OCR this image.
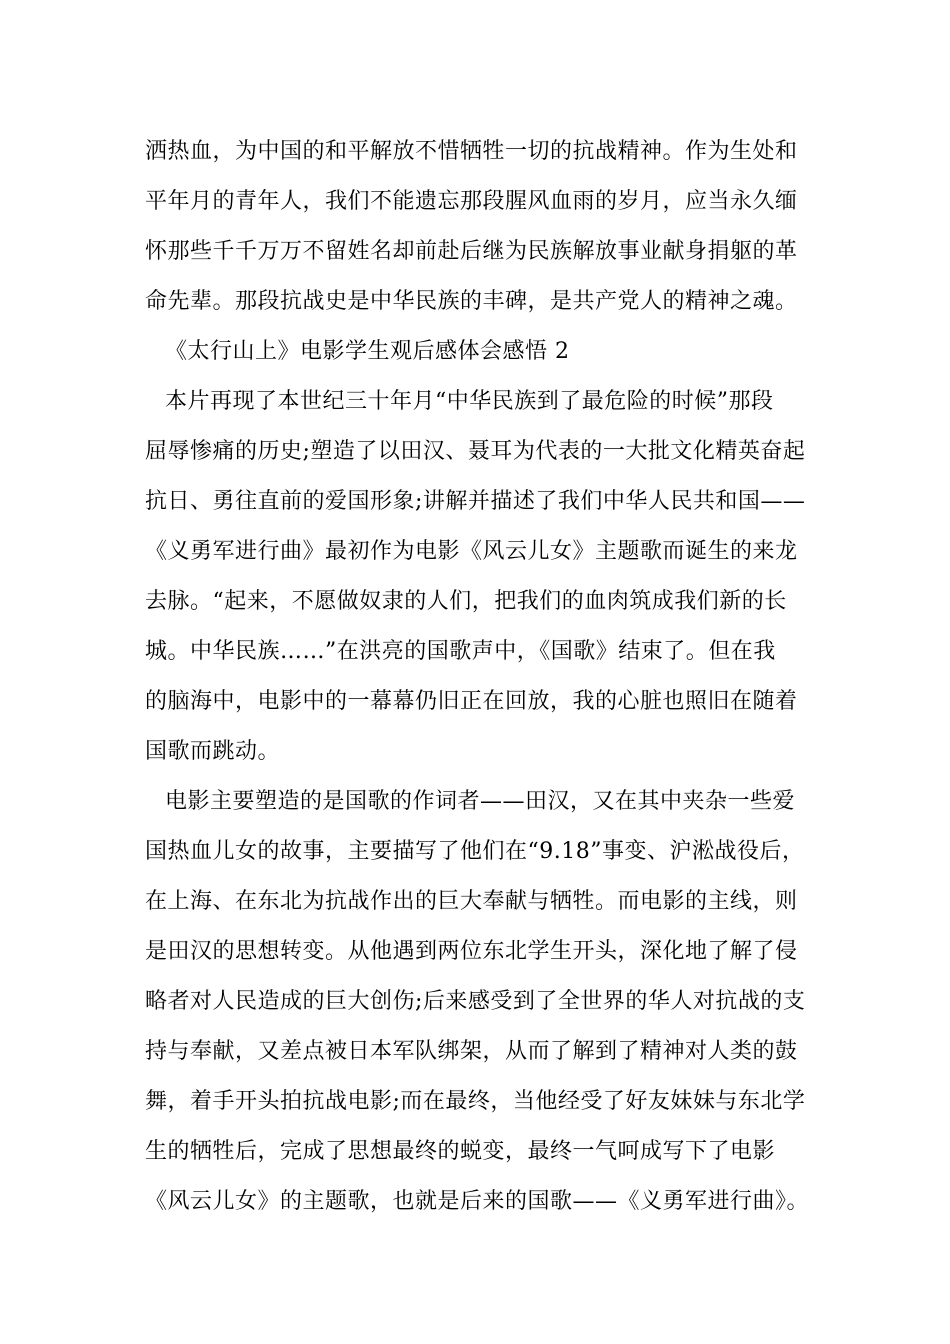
洒热血，为中国的和平解放不惜牺牲一切的抗战精神。作为生处和
平年月的青年人，我们不能遗忘那段腥风血雨的岁月，应当永久缅
怀那些千千万万不留姓名却前赴后继为民族解放事业献身捐躯的革
命先辈。那段抗战史是中华民族的丰碑，是共产党人的精神之魂。
《太行山上》电影学生观后感体会感悟 2
本片再现了本世纪三十年月“中华民族到了最危险的时候”那段
屈辱惨痛的历史;塑造了以田汉、聂耳为代表的一大批文化精英奋起
抗日、勇往直前的爱国形象;讲解并描述了我们中华人民共和国——
《义勇军进行曲》最初作为电影《风云儿女》主题歌而诞生的来龙
去脉。“起来，不愿做奴隶的人们，把我们的血肉筑成我们新的长
城。中华民族……”在洪亮的国歌声中，《国歌》结束了。但在我
的脑海中，电影中的一幕幕仍旧正在回放，我的心脏也照旧在随着
国歌而跳动。
电影主要塑造的是国歌的作词者——田汉，又在其中夹杂一些爱
国热血儿女的故事，主要描写了他们在“9.18”事变、沪淞战役后，
在上海、在东北为抗战作出的巨大奉献与牺牲。而电影的主线，则
是田汉的思想转变。从他遇到两位东北学生开头，深化地了解了侵
略者对人民造成的巨大创伤;后来感受到了全世界的华人对抗战的支
持与奉献，又差点被日本军队绑架，从而了解到了精神对人类的鼓
舞，着手开头拍抗战电影;而在最终，当他经受了好友妹妹与东北学
生的牺牲后，完成了思想最终的蜕变，最终一气呵成写下了电影
《风云儿女》的主题歌，也就是后来的国歌——《义勇军进行曲》。
